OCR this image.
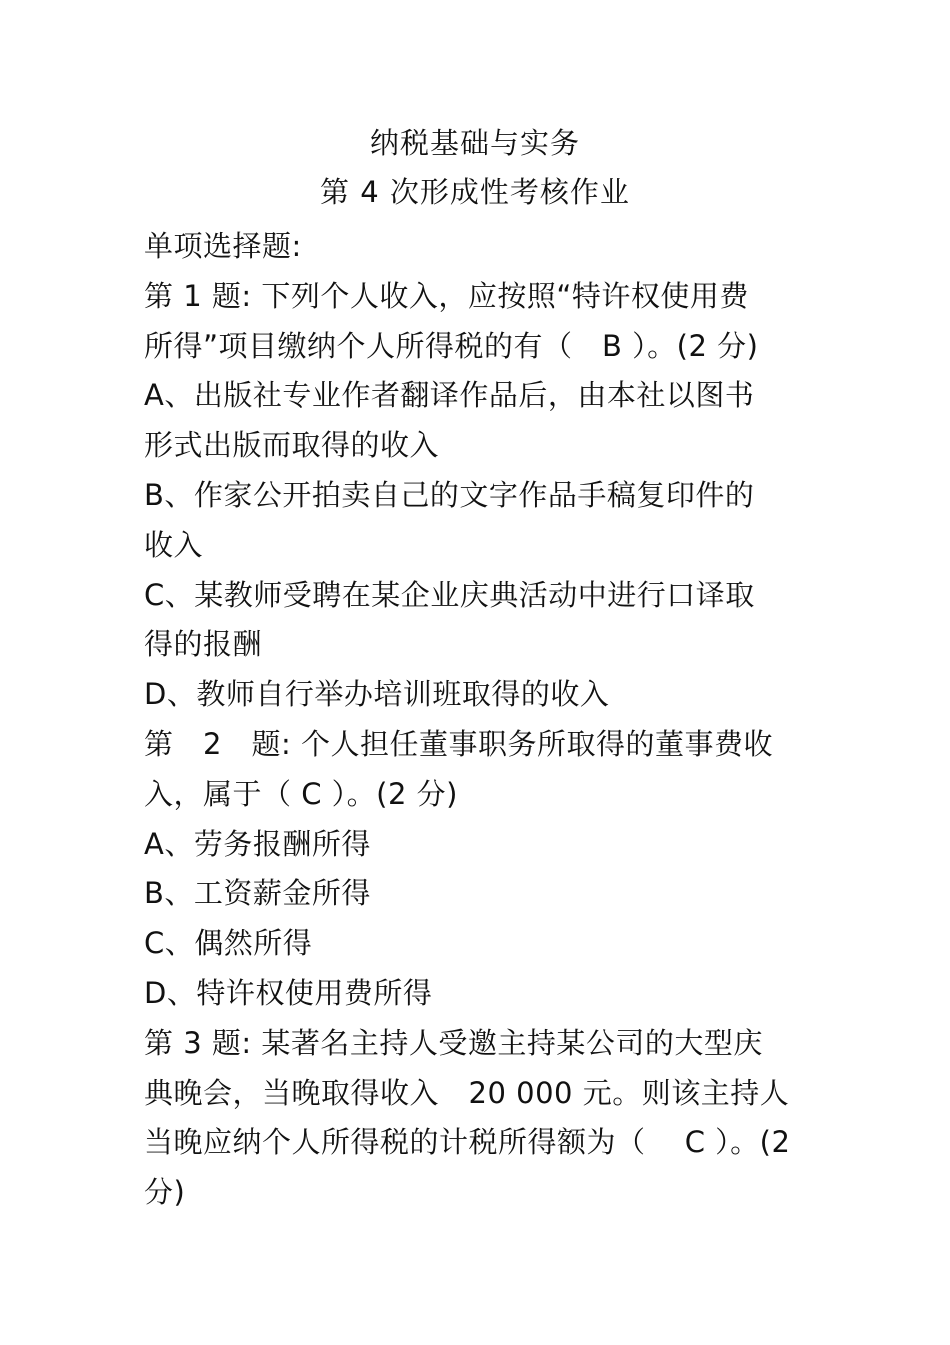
纳税基础与实务
第 4 次形成性考核作业
单项选择题:
第 1 题: 下列个人收入，应按照“特许权使用费
所得”项目缴纳个人所得税的有（　B ）。(2 分)
A、出版社专业作者翻译作品后，由本社以图书
形式出版而取得的收入
B、作家公开拍卖自己的文字作品手稿复印件的
收入
C、某教师受聘在某企业庆典活动中进行口译取
得的报酬
D、教师自行举办培训班取得的收入
第　2　题: 个人担任董事职务所取得的董事费收
入，属于（ C ）。(2 分)
A、劳务报酬所得
B、工资薪金所得
C、偶然所得
D、特许权使用费所得
第 3 题: 某著名主持人受邀主持某公司的大型庆
典晚会，当晚取得收入　20 000 元。则该主持人
当晚应纳个人所得税的计税所得额为（　 C ）。(2
分)
